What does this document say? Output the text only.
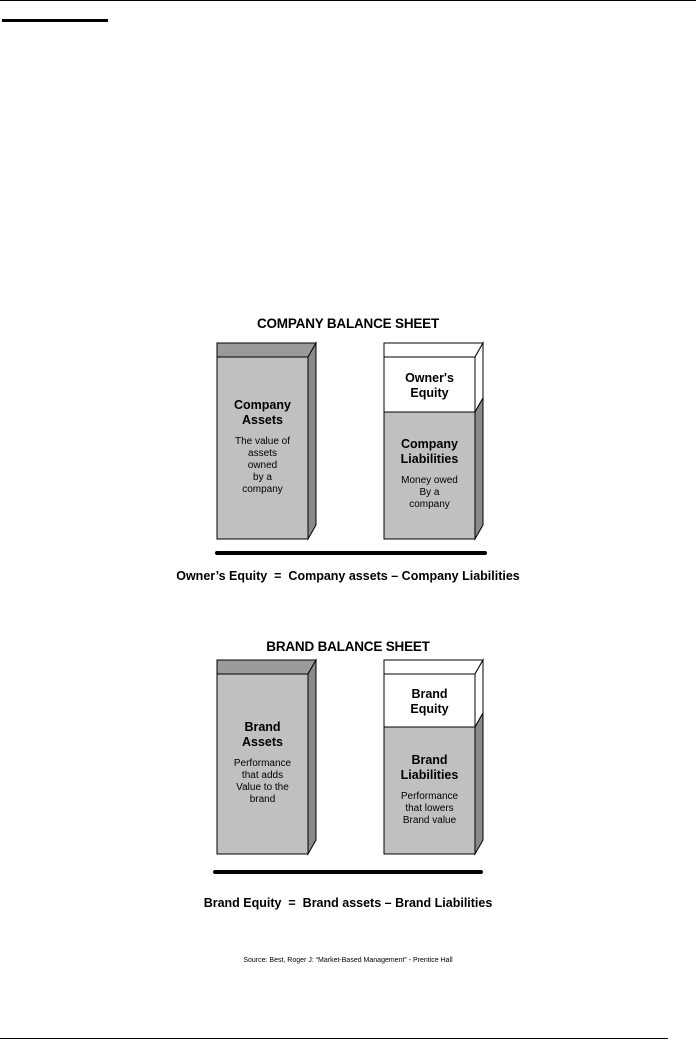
COMPANY BALANCE SHEET
Company
Assets
The value of
assets
owned
by a
company
Owner's
Equity
Company
Liabilities
Money owed
By a
company
Owner’s Equity  =  Company assets – Company Liabilities
BRAND BALANCE SHEET
Brand
Assets
Performance
that adds
Value to the
brand
Brand
Equity
Brand
Liabilities
Performance
that lowers
Brand value
Brand Equity  =  Brand assets – Brand Liabilities
Source: Best, Roger J: “Market-Based Management” - Prentice Hall
